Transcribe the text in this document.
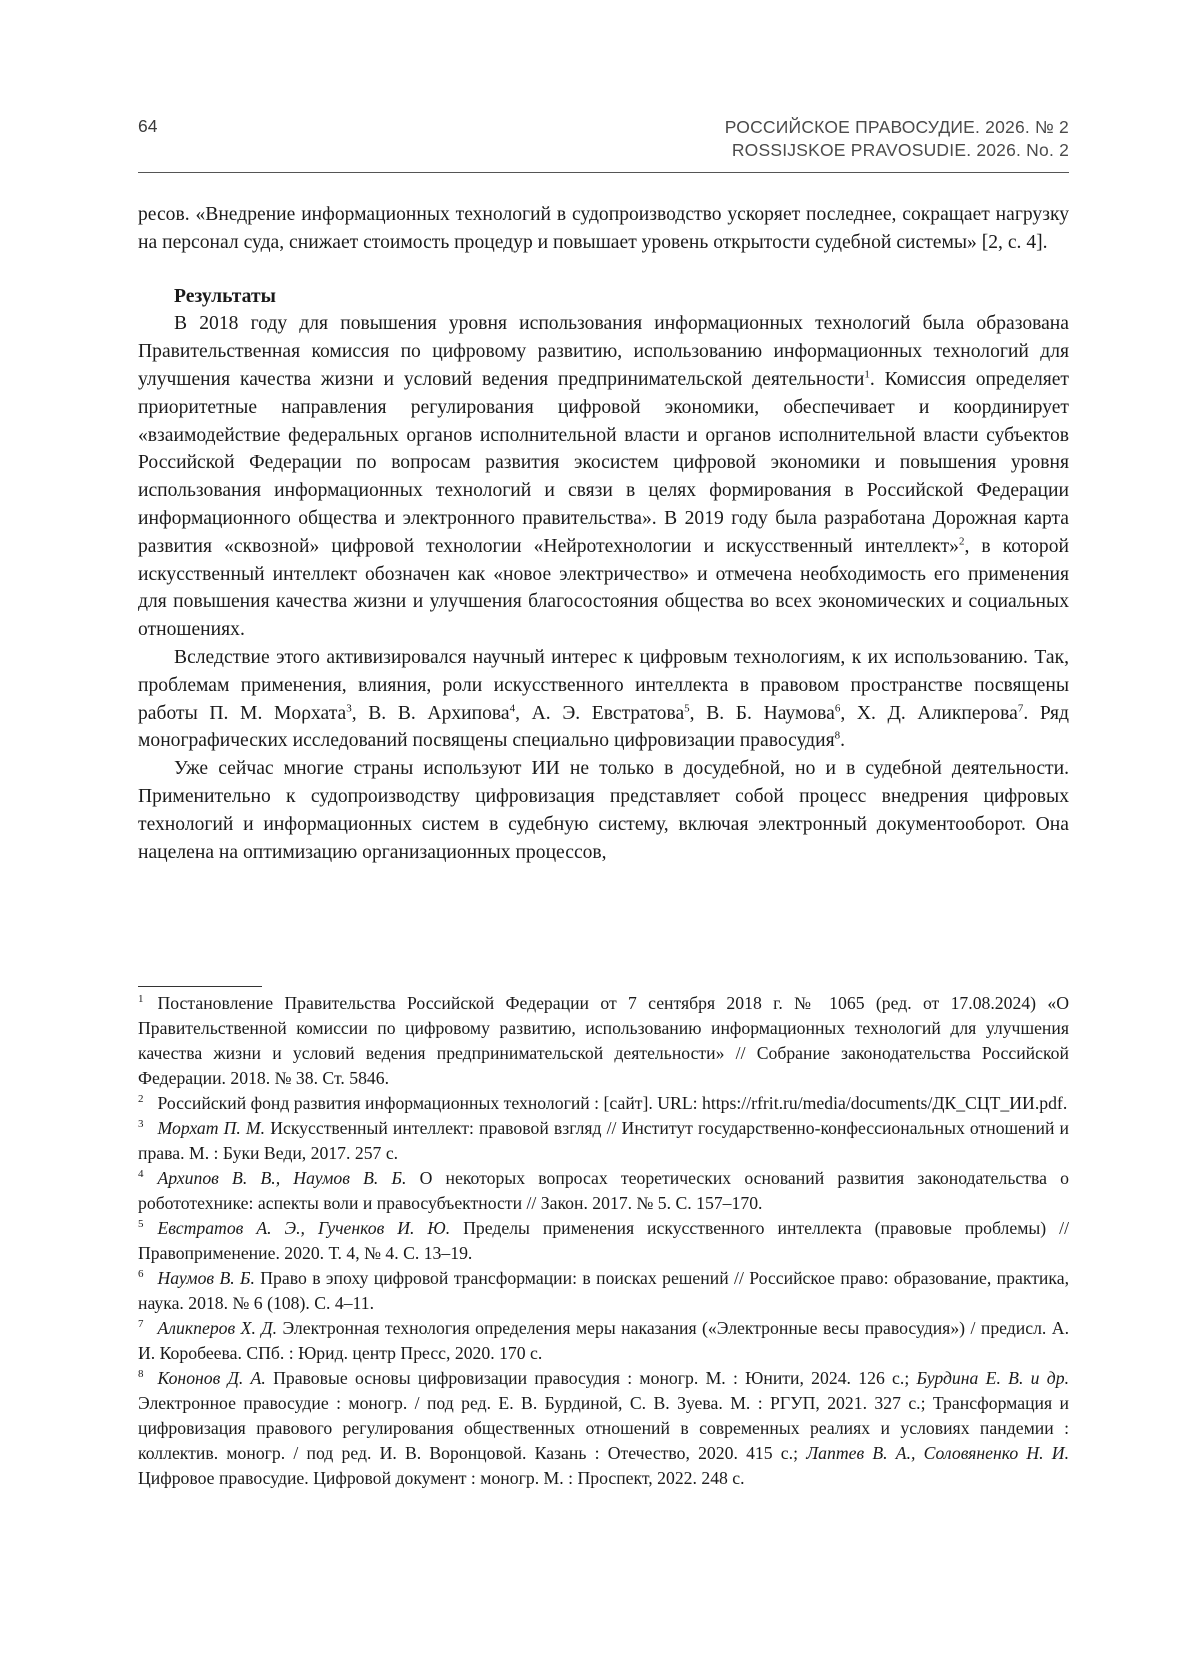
64	РОССИЙСКОЕ ПРАВОСУДИЕ. 2026. № 2
ROSSIJSKOE PRAVOSUDIE. 2026. No. 2

ресов. «Внедрение информационных технологий в судопроизводство ускоряет последнее, сокращает нагрузку на персонал суда, снижает стоимость процедур и повышает уровень открытости судебной системы» [2, с. 4].

Результаты

В 2018 году для повышения уровня использования информационных технологий была образована Правительственная комиссия по цифровому развитию, использованию информационных технологий для улучшения качества жизни и условий ведения предпринимательской деятельности$^1$. Комиссия определяет приоритетные направления регулирования цифровой экономики, обеспечивает и координирует «взаимодействие федеральных органов исполнительной власти и органов исполнительной власти субъектов Российской Федерации по вопросам развития экосистем цифровой экономики и повышения уровня использования информационных технологий и связи в целях формирования в Российской Федерации информационного общества и электронного правительства». В 2019 году была разработана Дорожная карта развития «сквозной» цифровой технологии «Нейротехнологии и искусственный интеллект»$^2$, в которой искусственный интеллект обозначен как «новое электричество» и отмечена необходимость его применения для повышения качества жизни и улучшения благосостояния общества во всех экономических и социальных отношениях.

Вследствие этого активизировался научный интерес к цифровым технологиям, к их использованию. Так, проблемам применения, влияния, роли искусственного интеллекта в правовом пространстве посвящены работы П. М. Мορхата$^3$, В. В. Архипова$^4$, А. Э. Евстратова$^5$, В. Б. Наумова$^6$, Х. Д. Аликперова$^7$. Ряд монографических исследований посвящены специально цифровизации правосудия$^8$.

Уже сейчас многие страны используют ИИ не только в досудебной, но и в судебной деятельности. Применительно к судопроизводству цифровизация представляет собой процесс внедрения цифровых технологий и информационных систем в судебную систему, включая электронный документооборот. Она нацелена на оптимизацию организационных процессов,

$^1$ Постановление Правительства Российской Федерации от 7 сентября 2018 г. № 1065 (ред. от 17.08.2024) «О Правительственной комиссии по цифровому развитию, использованию информационных технологий для улучшения качества жизни и условий ведения предпринимательской деятельности» // Собрание законодательства Российской Федерации. 2018. № 38. Ст. 5846.

$^2$ Российский фонд развития информационных технологий : [сайт]. URL: https://rfrit.ru/media/documents/ДК_СЦТ_ИИ.pdf.

$^3$ Морхат П. М. Искусственный интеллект: правовой взгляд // Институт государственно-конфессиональных отношений и права. М. : Буки Веди, 2017. 257 с.

$^4$ Архипов В. В., Наумов В. Б. О некоторых вопросах теоретических оснований развития законодательства о робототехнике: аспекты воли и правосубъектности // Закон. 2017. № 5. С. 157–170.

$^5$ Евстратов А. Э., Гученков И. Ю. Пределы применения искусственного интеллекта (правовые проблемы) // Правоприменение. 2020. Т. 4, № 4. С. 13–19.

$^6$ Наумов В. Б. Право в эпоху цифровой трансформации: в поисках решений // Российское право: образование, практика, наука. 2018. № 6 (108). С. 4–11.

$^7$ Аликперов Х. Д. Электронная технология определения меры наказания («Электронные весы правосудия») / предисл. А. И. Коробеева. СПб. : Юрид. центр Пресс, 2020. 170 с.

$^8$ Кононов Д. А. Правовые основы цифровизации правосудия : моногр. М. : Юнити, 2024. 126 с.; Бурдина Е. В. и др. Электронное правосудие : моногр. / под ред. Е. В. Бурдиной, С. В. Зуева. М. : РГУП, 2021. 327 с.; Трансформация и цифровизация правового регулирования общественных отношений в современных реалиях и условиях пандемии : коллектив. моногр. / под ред. И. В. Воронцовой. Казань : Отечество, 2020. 415 с.; Лаптев В. А., Соловяненко Н. И. Цифровое правосудие. Цифровой документ : моногр. М. : Проспект, 2022. 248 с.
